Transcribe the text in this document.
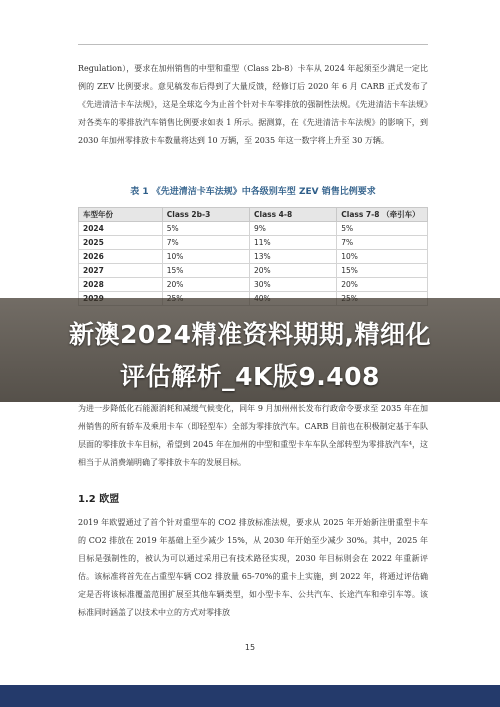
Regulation），要求在加州销售的中型和重型（Class 2b-8）卡车从 2024 年起须至少满足一定比例的 ZEV 比例要求。意见稿发布后得到了大量反馈，经修订后 2020 年 6 月 CARB 正式发布了《先进清洁卡车法规》，这是全球迄今为止首个针对卡车零排放的强制性法规。《先进清洁卡车法规》对各类车的零排放汽车销售比例要求如表 1 所示。据测算，在《先进清洁卡车法规》的影响下，到 2030 年加州零排放卡车数量将达到 10 万辆，至 2035 年这一数字将上升至 30 万辆。
表 1 《先进清洁卡车法规》中各级别车型 ZEV 销售比例要求
车型年份	Class 2b-3	Class 4-8	Class 7-8 （牵引车）
2024	5%	9%	5%
2025	7%	11%	7%
2026	10%	13%	10%
2027	15%	20%	15%
2028	20%	30%	20%

新澳2024精准资料期期,精细化
评估解析_4K版9.408
为进一步降低化石能源消耗和减缓气候变化，同年 9 月加州州长发布行政命令要求至 2035 年在加州销售的所有轿车及乘用卡车（即轻型车）全部为零排放汽车。CARB 目前也在积极制定基于车队层面的零排放卡车目标，希望到 2045 年在加州的中型和重型卡车车队全部转型为零排放汽车⁴，这相当于从消费端明确了零排放卡车的发展目标。
1.2 欧盟
2019 年欧盟通过了首个针对重型车的 CO2 排放标准法规，要求从 2025 年开始新注册重型卡车的 CO2 排放在 2019 年基础上至少减少 15%，从 2030 年开始至少减少 30%。其中，2025 年目标是强制性的，被认为可以通过采用已有技术路径实现，2030 年目标则会在 2022 年重新评估。该标准将首先在占重型车辆 CO2 排放量 65-70%的重卡上实施，到 2022 年，将通过评估确定是否将该标准覆盖范围扩展至其他车辆类型，如小型卡车、公共汽车、长途汽车和牵引车等。该标准同时涵盖了以技术中立的方式对零排放
15
